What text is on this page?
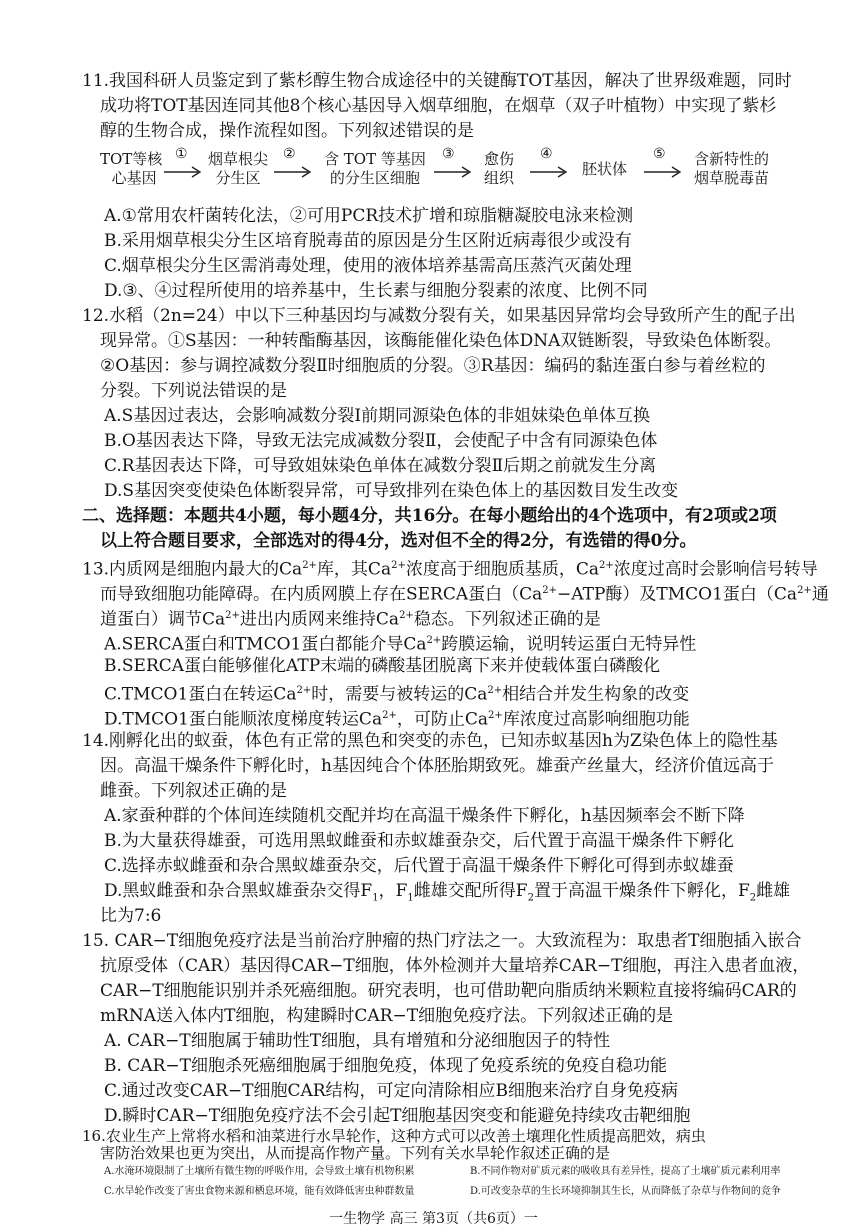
11.我国科研人员鉴定到了紫杉醇生物合成途径中的关键酶TOT基因，解决了世界级难题，同时
成功将TOT基因连同其他8个核心基因导入烟草细胞，在烟草（双子叶植物）中实现了紫杉
醇的生物合成，操作流程如图。下列叙述错误的是
TOT等核
心基因
① 烟草根尖
分生区
② 含 TOT 等基因
的分生区细胞
③ 愈伤
组织
④
胚状体
⑤ 含新特性的
烟草脱毒苗
A.①常用农杆菌转化法，②可用PCR技术扩增和琼脂糖凝胶电泳来检测
B.采用烟草根尖分生区培育脱毒苗的原因是分生区附近病毒很少或没有
C.烟草根尖分生区需消毒处理，使用的液体培养基需高压蒸汽灭菌处理
D.③、④过程所使用的培养基中，生长素与细胞分裂素的浓度、比例不同
12.水稻（2n=24）中以下三种基因均与减数分裂有关，如果基因异常均会导致所产生的配子出
现异常。①S基因：一种转酯酶基因，该酶能催化染色体DNA双链断裂，导致染色体断裂。
②O基因：参与调控减数分裂Ⅱ时细胞质的分裂。③R基因：编码的黏连蛋白参与着丝粒的
分裂。下列说法错误的是
A.S基因过表达，会影响减数分裂Ⅰ前期同源染色体的非姐妹染色单体互换
B.O基因表达下降，导致无法完成减数分裂Ⅱ，会使配子中含有同源染色体
C.R基因表达下降，可导致姐妹染色单体在减数分裂Ⅱ后期之前就发生分离
D.S基因突变使染色体断裂异常，可导致排列在染色体上的基因数目发生改变
二、选择题：本题共4小题，每小题4分，共16分。在每小题给出的4个选项中，有2项或2项
以上符合题目要求，全部选对的得4分，选对但不全的得2分，有选错的得0分。
13.内质网是细胞内最大的$Ca^{2+}$库，其$Ca^{2+}$浓度高于细胞质基质，$Ca^{2+}$浓度过高时会影响信号转导
而导致细胞功能障碍。在内质网膜上存在SERCA蛋白（$Ca^{2+}-ATP$酶）及TMCO1蛋白（$Ca^{2+}$通
道蛋白）调节$Ca^{2+}$进出内质网来维持$Ca^{2+}$稳态。下列叙述正确的是
A.SERCA蛋白和TMCO1蛋白都能介导$Ca^{2+}$跨膜运输，说明转运蛋白无特异性
B.SERCA蛋白能够催化ATP末端的磷酸基团脱离下来并使载体蛋白磷酸化
C.TMCO1蛋白在转运$Ca^{2+}$时，需要与被转运的$Ca^{2+}$相结合并发生构象的改变
D.TMCO1蛋白能顺浓度梯度转运$Ca^{2+}$，可防止$Ca^{2+}$库浓度过高影响细胞功能
14.刚孵化出的蚁蚕，体色有正常的黑色和突变的赤色，已知赤蚁基因h为Z染色体上的隐性基
因。高温干燥条件下孵化时，h基因纯合个体胚胎期致死。雄蚕产丝量大，经济价值远高于
雌蚕。下列叙述正确的是
A.家蚕种群的个体间连续随机交配并均在高温干燥条件下孵化，h基因频率会不断下降
B.为大量获得雄蚕，可选用黑蚁雌蚕和赤蚁雄蚕杂交，后代置于高温干燥条件下孵化
C.选择赤蚁雌蚕和杂合黑蚁雄蚕杂交，后代置于高温干燥条件下孵化可得到赤蚁雄蚕
D.黑蚁雌蚕和杂合黑蚁雄蚕杂交得$F_1$，$F_1$雌雄交配所得$F_2$置于高温干燥条件下孵化，$F_2$雌雄
比为7:6
15. CAR−T细胞免疫疗法是当前治疗肿瘤的热门疗法之一。大致流程为：取患者T细胞插入嵌合
抗原受体（CAR）基因得CAR−T细胞，体外检测并大量培养CAR−T细胞，再注入患者血液，
CAR−T细胞能识别并杀死癌细胞。研究表明，也可借助靶向脂质纳米颗粒直接将编码CAR的
mRNA送入体内T细胞，构建瞬时CAR−T细胞免疫疗法。下列叙述正确的是
A. CAR−T细胞属于辅助性T细胞，具有增殖和分泌细胞因子的特性
B. CAR−T细胞杀死癌细胞属于细胞免疫，体现了免疫系统的免疫自稳功能
C.通过改变CAR−T细胞CAR结构，可定向清除相应B细胞来治疗自身免疫病
D.瞬时CAR−T细胞免疫疗法不会引起T细胞基因突变和能避免持续攻击靶细胞
16.农业生产上常将水稻和油菜进行水旱轮作，这种方式可以改善土壤理化性质提高肥效，病虫
害防治效果也更为突出，从而提高作物产量。下列有关水旱轮作叙述正确的是
一生物学 高三 第3页（共6页）一
A.水淹环境限制了土壤所有微生物的呼吸作用，会导致土壤有机物积累	B.不同作物对矿质元素的吸收具有差异性，提高了土壤矿质元素利用率
C.水旱轮作改变了害虫食物来源和栖息环境，能有效降低害虫种群数量	D.可改变杂草的生长环境抑制其生长，从而降低了杂草与作物间的竞争
